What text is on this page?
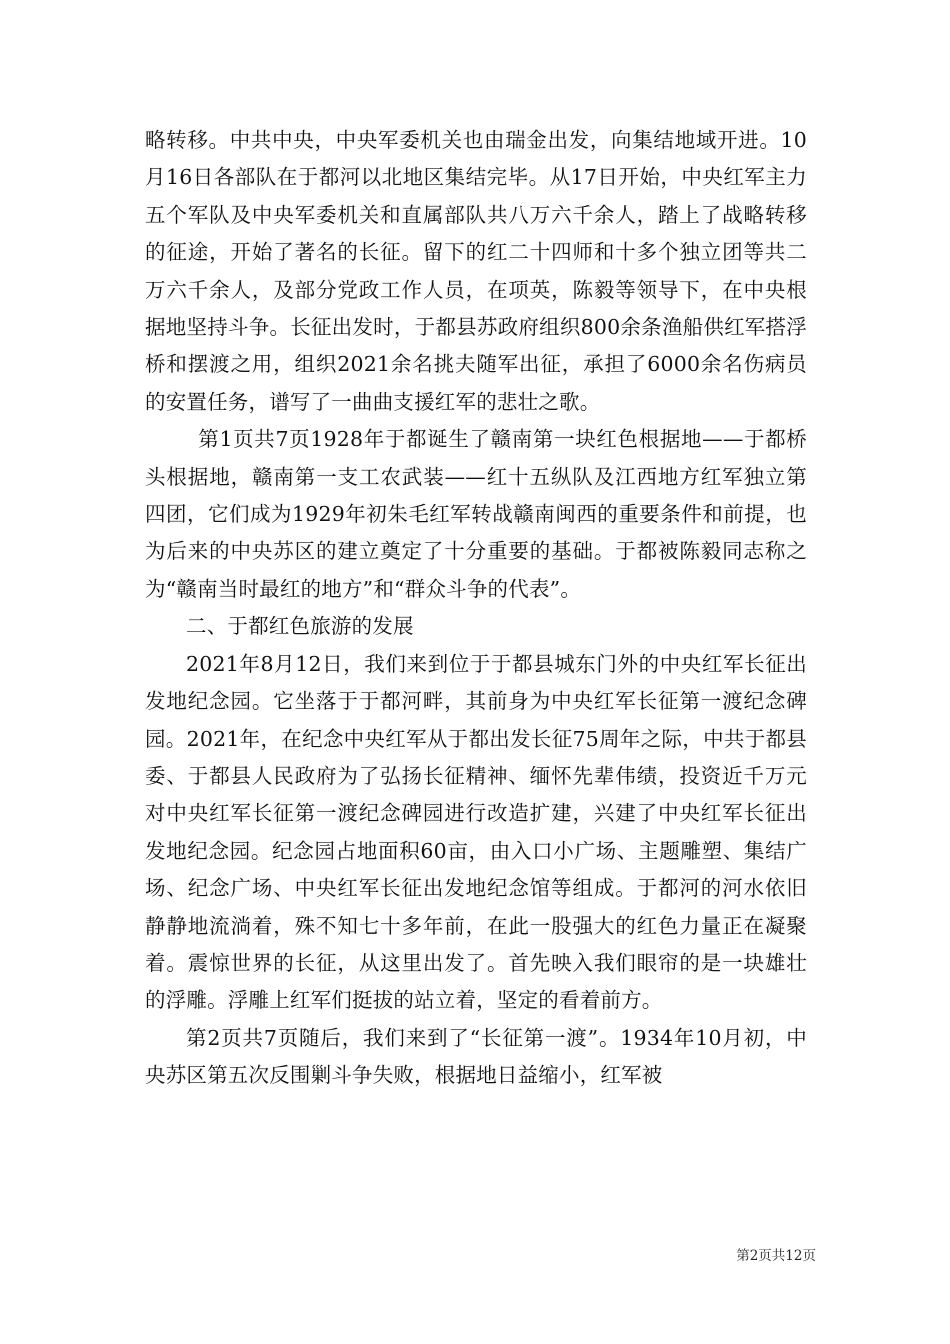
略转移。中共中央，中央军委机关也由瑞金出发，向集结地域开进。10月16日各部队在于都河以北地区集结完毕。从17日开始，中央红军主力五个军队及中央军委机关和直属部队共八万六千余人，踏上了战略转移的征途，开始了著名的长征。留下的红二十四师和十多个独立团等共二万六千余人，及部分党政工作人员，在项英，陈毅等领导下，在中央根据地坚持斗争。长征出发时，于都县苏政府组织800余条渔船供红军搭浮桥和摆渡之用，组织2021余名挑夫随军出征，承担了6000余名伤病员的安置任务，谱写了一曲曲支援红军的悲壮之歌。

第1页共7页1928年于都诞生了赣南第一块红色根据地——于都桥头根据地，赣南第一支工农武装——红十五纵队及江西地方红军独立第四团，它们成为1929年初朱毛红军转战赣南闽西的重要条件和前提，也为后来的中央苏区的建立奠定了十分重要的基础。于都被陈毅同志称之为“赣南当时最红的地方”和“群众斗争的代表”。

二、于都红色旅游的发展

2021年8月12日，我们来到位于于都县城东门外的中央红军长征出发地纪念园。它坐落于于都河畔，其前身为中央红军长征第一渡纪念碑园。2021年，在纪念中央红军从于都出发长征75周年之际，中共于都县委、于都县人民政府为了弘扬长征精神、缅怀先辈伟绩，投资近千万元对中央红军长征第一渡纪念碑园进行改造扩建，兴建了中央红军长征出发地纪念园。纪念园占地面积60亩，由入口小广场、主题雕塑、集结广场、纪念广场、中央红军长征出发地纪念馆等组成。于都河的河水依旧静静地流淌着，殊不知七十多年前，在此一股强大的红色力量正在凝聚着。震惊世界的长征，从这里出发了。首先映入我们眼帘的是一块雄壮的浮雕。浮雕上红军们挺拔的站立着，坚定的看着前方。

第2页共7页随后，我们来到了“长征第一渡”。1934年10月初，中央苏区第五次反围剿斗争失败，根据地日益缩小，红军被

第2页共12页
